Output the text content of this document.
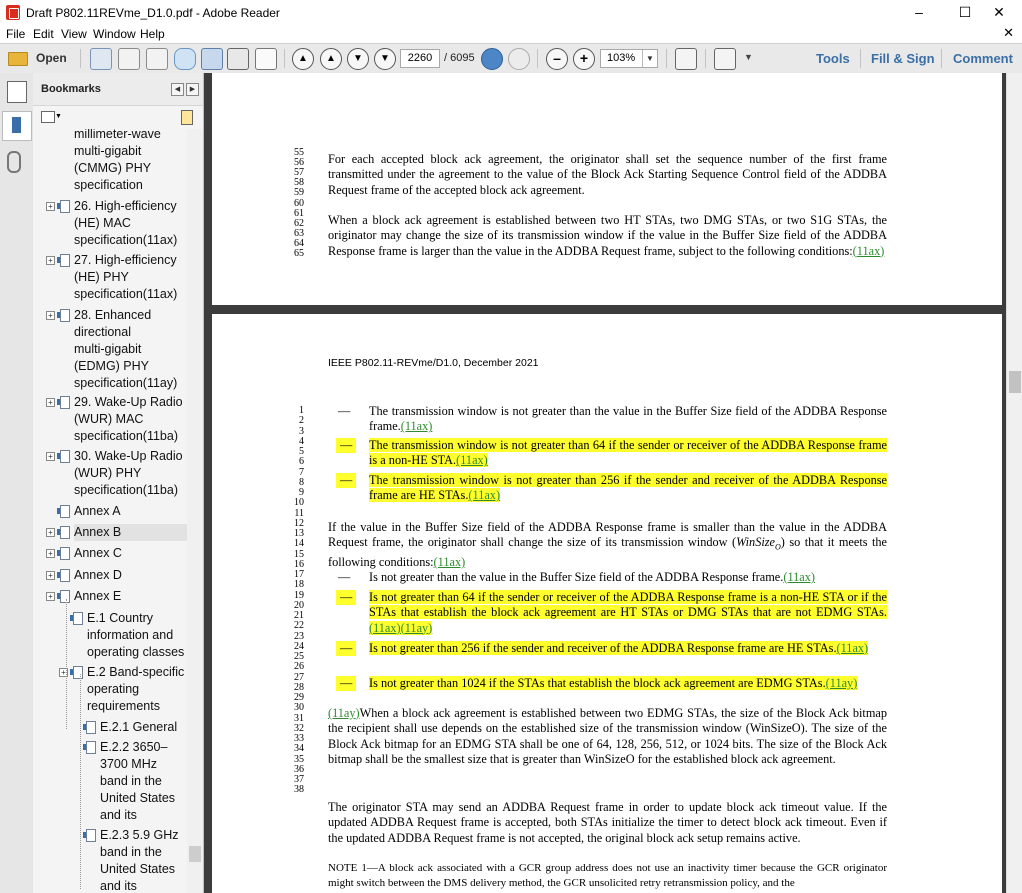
Draft P802.11REVme_D1.0.pdf - Adobe Reader	–	☐	✕
File Edit View Window Help	✕
Open	▲	▲	▼	▼	2260	/ 6095	–	+	103%	▼	▼	Tools Fill & Sign Comment
Bookmarks	◀	▶
▼
millimeter-wave
multi-gigabit
(CMMG) PHY
specification
26. High-efficiency
+
(HE) MAC
specification(11ax)
27. High-efficiency
+
(HE) PHY
specification(11ax)
28. Enhanced
+
directional
multi-gigabit
(EDMG) PHY
specification(11ay)
29. Wake-Up Radio
+
(WUR) MAC
specification(11ba)
30. Wake-Up Radio
+
(WUR) PHY
specification(11ba)
Annex A
Annex B
+
Annex C
+
Annex D
+
Annex E
+
E.1 Country
information and
operating classes
E.2 Band-specific
+
operating
requirements
E.2.1 General
E.2.2 3650–
3700 MHz
band in the
United States
and its
E.2.3 5.9 GHz
band in the
United States
and its
55
56
57
58
59
60
61
62
63
64
65
For each accepted block ack agreement, the originator shall set the sequence number of the first frame transmitted under the agreement to the value of the Block Ack Starting Sequence Control field of the ADDBA Request frame of the accepted block ack agreement.
When a block ack agreement is established between two HT STAs, two DMG STAs, or two S1G STAs, the originator may change the size of its transmission window if the value in the Buffer Size field of the ADDBA Response frame is larger than the value in the ADDBA Request frame, subject to the following conditions:(11ax)
IEEE P802.11-REVme/D1.0, December 2021
1
2
3
4
5
6
7
8
9
10
11
12
13
14
15
16
17
18
19
20
21
22
23
24
25
26
27
28
29
30
31
32
33
34
35
36
37
38
— The transmission window is not greater than the value in the Buffer Size field of the ADDBA Response frame.(11ax)
—	The transmission window is not greater than 64 if the sender or receiver of the ADDBA Response frame is a non-HE STA.(11ax)
—	The transmission window is not greater than 256 if the sender and receiver of the ADDBA Response frame are HE STAs.(11ax)
If the value in the Buffer Size field of the ADDBA Response frame is smaller than the value in the ADDBA Request frame, the originator shall change the size of its transmission window (WinSize$_O$) so that it meets the following conditions:(11ax)
— Is not greater than the value in the Buffer Size field of the ADDBA Response frame.(11ax)
—	Is not greater than 64 if the sender or receiver of the ADDBA Response frame is a non-HE STA or if the STAs that establish the block ack agreement are HT STAs or DMG STAs that are not EDMG STAs.(11ax)(11ay)
—	Is not greater than 256 if the sender and receiver of the ADDBA Response frame are HE STAs.(11ax)
—	Is not greater than 1024 if the STAs that establish the block ack agreement are EDMG STAs.(11ay)
(11ay)When a block ack agreement is established between two EDMG STAs, the size of the Block Ack bitmap the recipient shall use depends on the established size of the transmission window (WinSizeO). The size of the Block Ack bitmap for an EDMG STA shall be one of 64, 128, 256, 512, or 1024 bits. The size of the Block Ack bitmap shall be the smallest size that is greater than WinSizeO for the established block ack agreement.
The originator STA may send an ADDBA Request frame in order to update block ack timeout value. If the updated ADDBA Request frame is accepted, both STAs initialize the timer to detect block ack timeout. Even if the updated ADDBA Request frame is not accepted, the original block ack setup remains active.
NOTE 1—A block ack associated with a GCR group address does not use an inactivity timer because the GCR originator might switch between the DMS delivery method, the GCR unsolicited retry retransmission policy, and the
